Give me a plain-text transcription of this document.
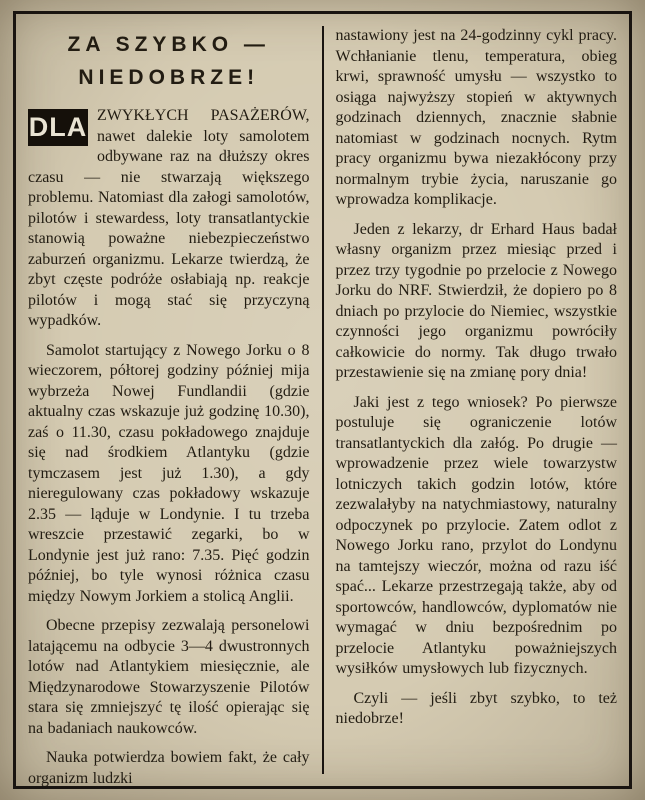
ZA SZYBKO —
NIEDOBRZE!

DLA ZWYKŁYCH PASAŻERÓW, nawet dalekie loty samolotem odbywane raz na dłuższy okres czasu — nie stwarzają większego problemu. Natomiast dla załogi samolotów, pilotów i stewardess, loty transatlantyckie stanowią poważne niebezpieczeństwo zaburzeń organizmu. Lekarze twierdzą, że zbyt częste podróże osłabiają np. reakcje pilotów i mogą stać się przyczyną wypadków.

Samolot startujący z Nowego Jorku o 8 wieczorem, półtorej godziny później mija wybrzeża Nowej Fundlandii (gdzie aktualny czas wskazuje już godzinę 10.30), zaś o 11.30, czasu pokładowego znajduje się nad środkiem Atlantyku (gdzie tymczasem jest już 1.30), a gdy nieregulowany czas pokładowy wskazuje 2.35 — ląduje w Londynie. I tu trzeba wreszcie przestawić zegarki, bo w Londynie jest już rano: 7.35. Pięć godzin później, bo tyle wynosi różnica czasu między Nowym Jorkiem a stolicą Anglii.

Obecne przepisy zezwalają personelowi latającemu na odbycie 3—4 dwustronnych lotów nad Atlantykiem miesięcznie, ale Międzynarodowe Stowarzyszenie Pilotów stara się zmniejszyć tę ilość opierając się na badaniach naukowców.

Nauka potwierdza bowiem fakt, że cały organizm ludzki

nastawiony jest na 24-godzinny cykl pracy. Wchłanianie tlenu, temperatura, obieg krwi, sprawność umysłu — wszystko to osiąga najwyższy stopień w aktywnych godzinach dziennych, znacznie słabnie natomiast w godzinach nocnych. Rytm pracy organizmu bywa niezakłócony przy normalnym trybie życia, naruszanie go wprowadza komplikacje.

Jeden z lekarzy, dr Erhard Haus badał własny organizm przez miesiąc przed i przez trzy tygodnie po przelocie z Nowego Jorku do NRF. Stwierdził, że dopiero po 8 dniach po przylocie do Niemiec, wszystkie czynności jego organizmu powróciły całkowicie do normy. Tak długo trwało przestawienie się na zmianę pory dnia!

Jaki jest z tego wniosek? Po pierwsze postuluje się ograniczenie lotów transatlantyckich dla załóg. Po drugie — wprowadzenie przez wiele towarzystw lotniczych takich godzin lotów, które zezwalałyby na natychmiastowy, naturalny odpoczynek po przylocie. Zatem odlot z Nowego Jorku rano, przylot do Londynu na tamtejszy wieczór, można od razu iść spać... Lekarze przestrzegają także, aby od sportowców, handlowców, dyplomatów nie wymagać w dniu bezpośrednim po przelocie Atlantyku poważniejszych wysiłków umysłowych lub fizycznych.

Czyli — jeśli zbyt szybko, to też niedobrze!
